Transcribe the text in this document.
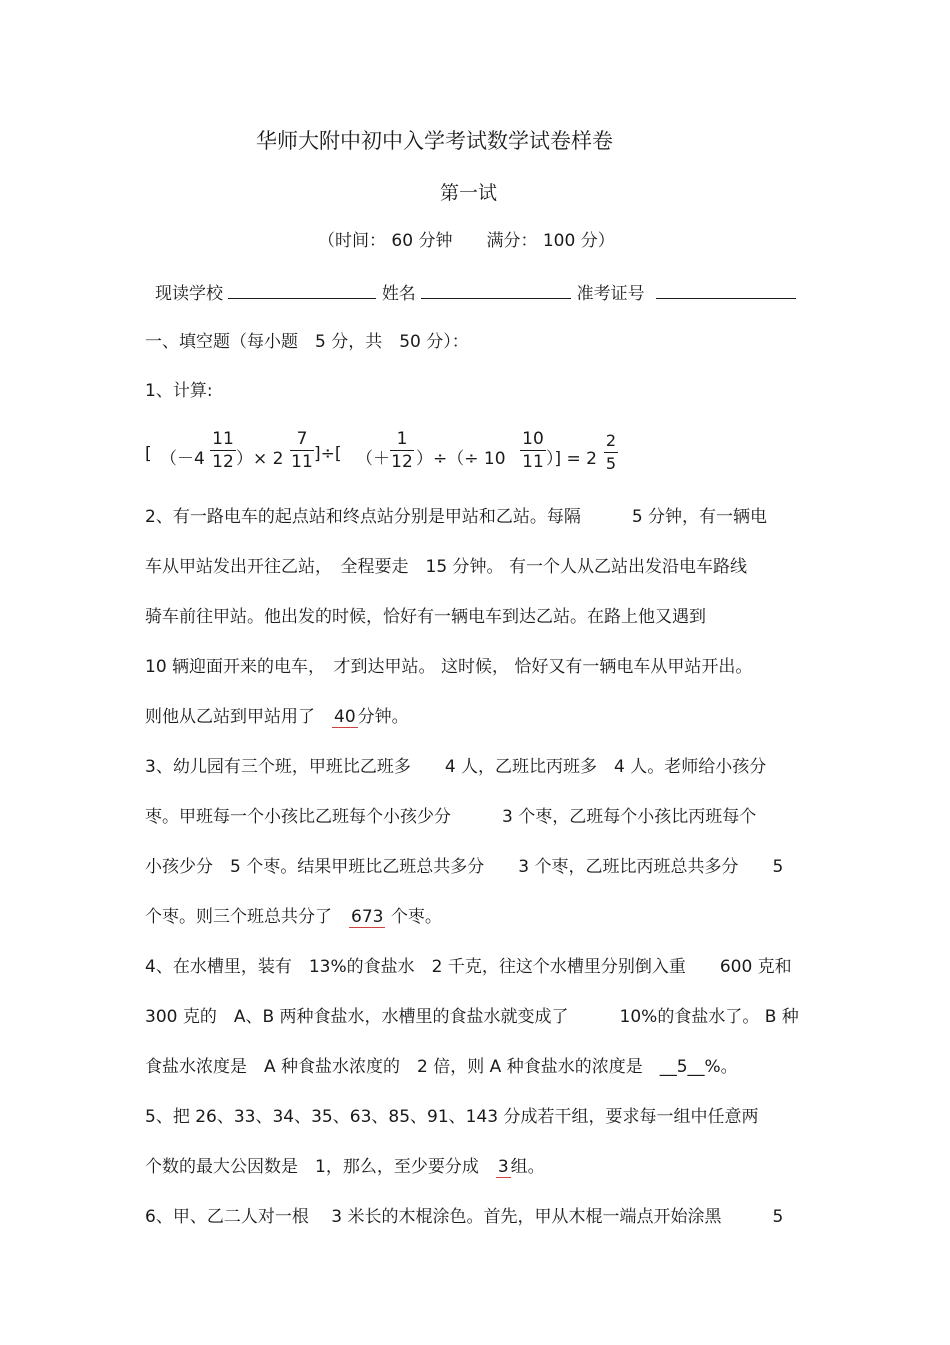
华师大附中初中入学考试数学试卷样卷
第一试
（时间： 60 分钟　　满分： 100 分）
现读学校	姓名	准考证号
一、填空题（每小题　5 分，共　50 分）：
1、计算:
[ （－4
11
12 ）× 2
7
11 ]÷[ （＋
1
12 ）÷（÷ 10
10
11 ）] = 2
2
5
2、有一路电车的起点站和终点站分别是甲站和乙站。每隔　　　5 分钟，有一辆电
车从甲站发出开往乙站，　全程要走　15 分钟。 有一个人从乙站出发沿电车路线
骑车前往甲站。他出发的时候，恰好有一辆电车到达乙站。在路上他又遇到
10 辆迎面开来的电车，　才到达甲站。 这时候， 恰好又有一辆电车从甲站开出。
则他从乙站到甲站用了　40 分钟。
3、幼儿园有三个班，甲班比乙班多　　4 人，乙班比丙班多　4 人。老师给小孩分
枣。甲班每一个小孩比乙班每个小孩少分　　　3 个枣，乙班每个小孩比丙班每个
小孩少分　5 个枣。结果甲班比乙班总共多分　　3 个枣，乙班比丙班总共多分　　5
个枣。则三个班总共分了　673 个枣。
4、在水槽里，装有　13%的食盐水　2 千克，往这个水槽里分别倒入重　　600 克和
300 克的　A、B 两种食盐水，水槽里的食盐水就变成了　　　10%的食盐水了。 B 种
食盐水浓度是　A 种食盐水浓度的　2 倍，则 A 种食盐水的浓度是　__5__%。
5、把 26、33、34、35、63、85、91、143 分成若干组，要求每一组中任意两
个数的最大公因数是　1，那么，至少要分成　3 组。
6、甲、乙二人对一根　 3 米长的木棍涂色。首先，甲从木棍一端点开始涂黑　　　5
